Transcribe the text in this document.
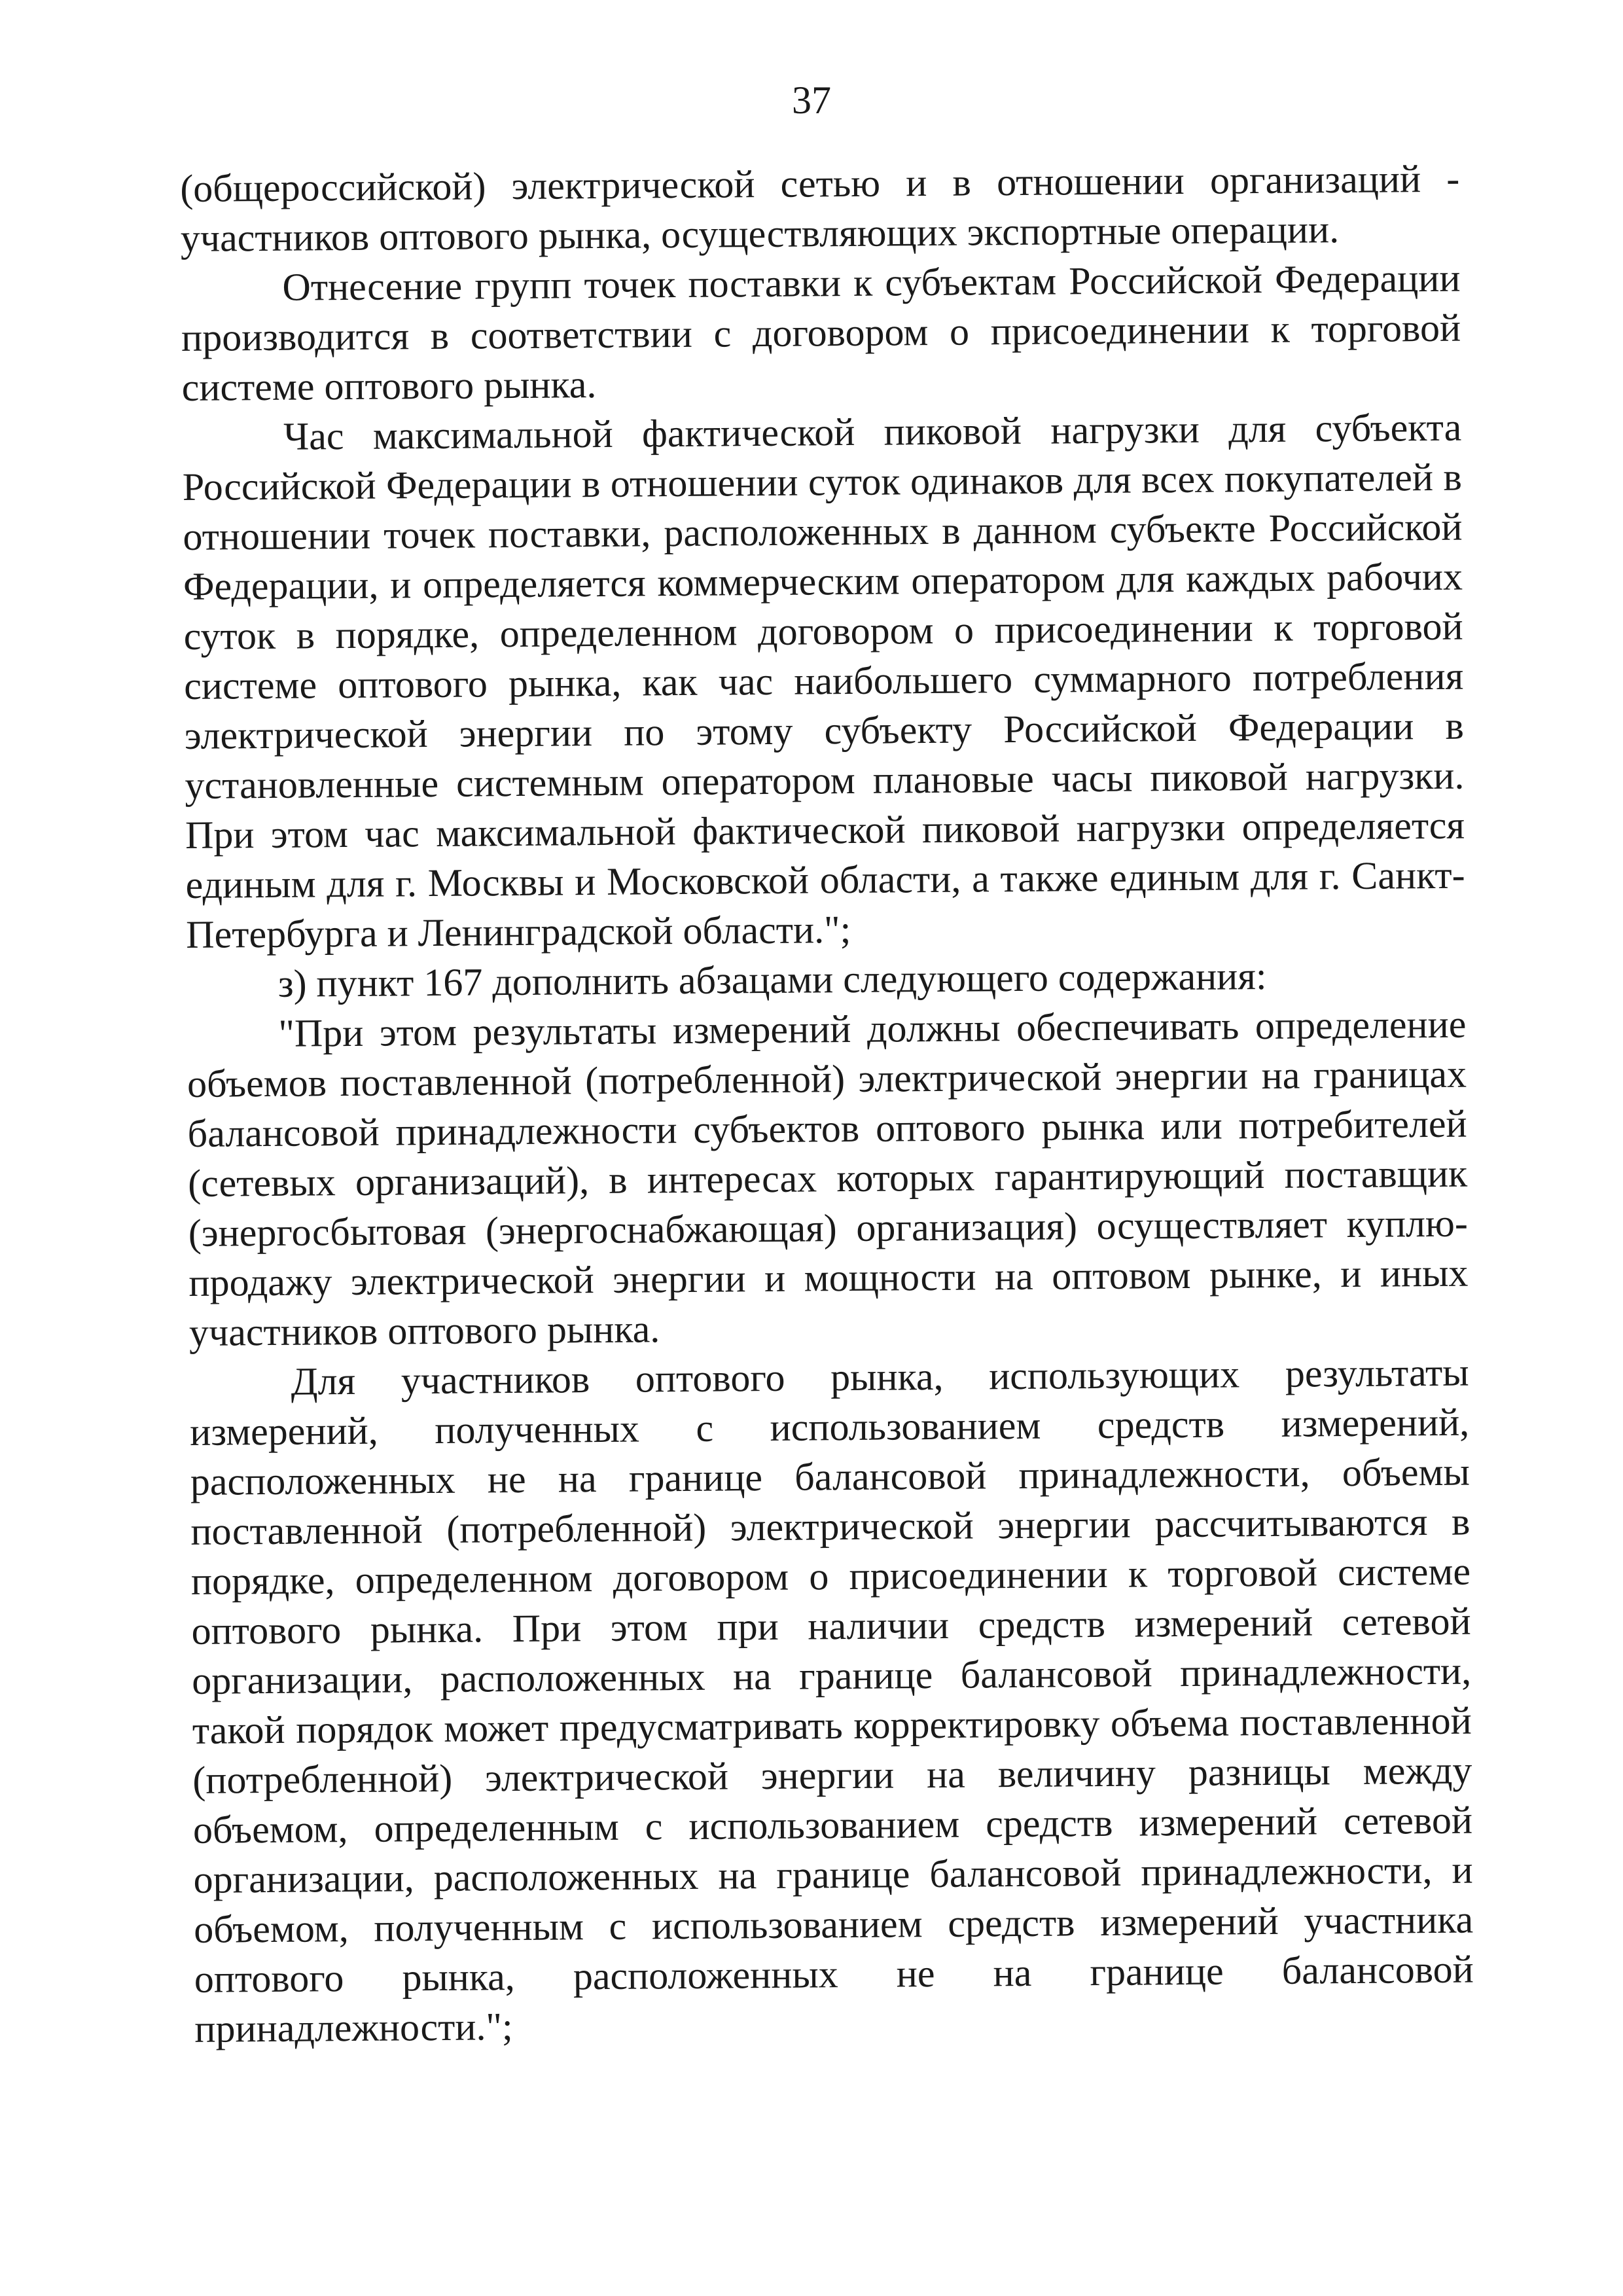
37

(общероссийской) электрической сетью и в отношении организаций - участников оптового рынка, осуществляющих экспортные операции.

Отнесение групп точек поставки к субъектам Российской Федерации производится в соответствии с договором о присоединении к торговой системе оптового рынка.

Час максимальной фактической пиковой нагрузки для субъекта Российской Федерации в отношении суток одинаков для всех покупателей в отношении точек поставки, расположенных в данном субъекте Российской Федерации, и определяется коммерческим оператором для каждых рабочих суток в порядке, определенном договором о присоединении к торговой системе оптового рынка, как час наибольшего суммарного потребления электрической энергии по этому субъекту Российской Федерации в установленные системным оператором плановые часы пиковой нагрузки. При этом час максимальной фактической пиковой нагрузки определяется единым для г. Москвы и Московской области, а также единым для г. Санкт-Петербурга и Ленинградской области.";

з) пункт 167 дополнить абзацами следующего содержания:

"При этом результаты измерений должны обеспечивать определение объемов поставленной (потребленной) электрической энергии на границах балансовой принадлежности субъектов оптового рынка или потребителей (сетевых организаций), в интересах которых гарантирующий поставщик (энергосбытовая (энергоснабжающая) организация) осуществляет куплю-продажу электрической энергии и мощности на оптовом рынке, и иных участников оптового рынка.

Для участников оптового рынка, использующих результаты измерений, полученных с использованием средств измерений, расположенных не на границе балансовой принадлежности, объемы поставленной (потребленной) электрической энергии рассчитываются в порядке, определенном договором о присоединении к торговой системе оптового рынка. При этом при наличии средств измерений сетевой организации, расположенных на границе балансовой принадлежности, такой порядок может предусматривать корректировку объема поставленной (потребленной) электрической энергии на величину разницы между объемом, определенным с использованием средств измерений сетевой организации, расположенных на границе балансовой принадлежности, и объемом, полученным с использованием средств измерений участника оптового рынка, расположенных не на границе балансовой принадлежности.";
